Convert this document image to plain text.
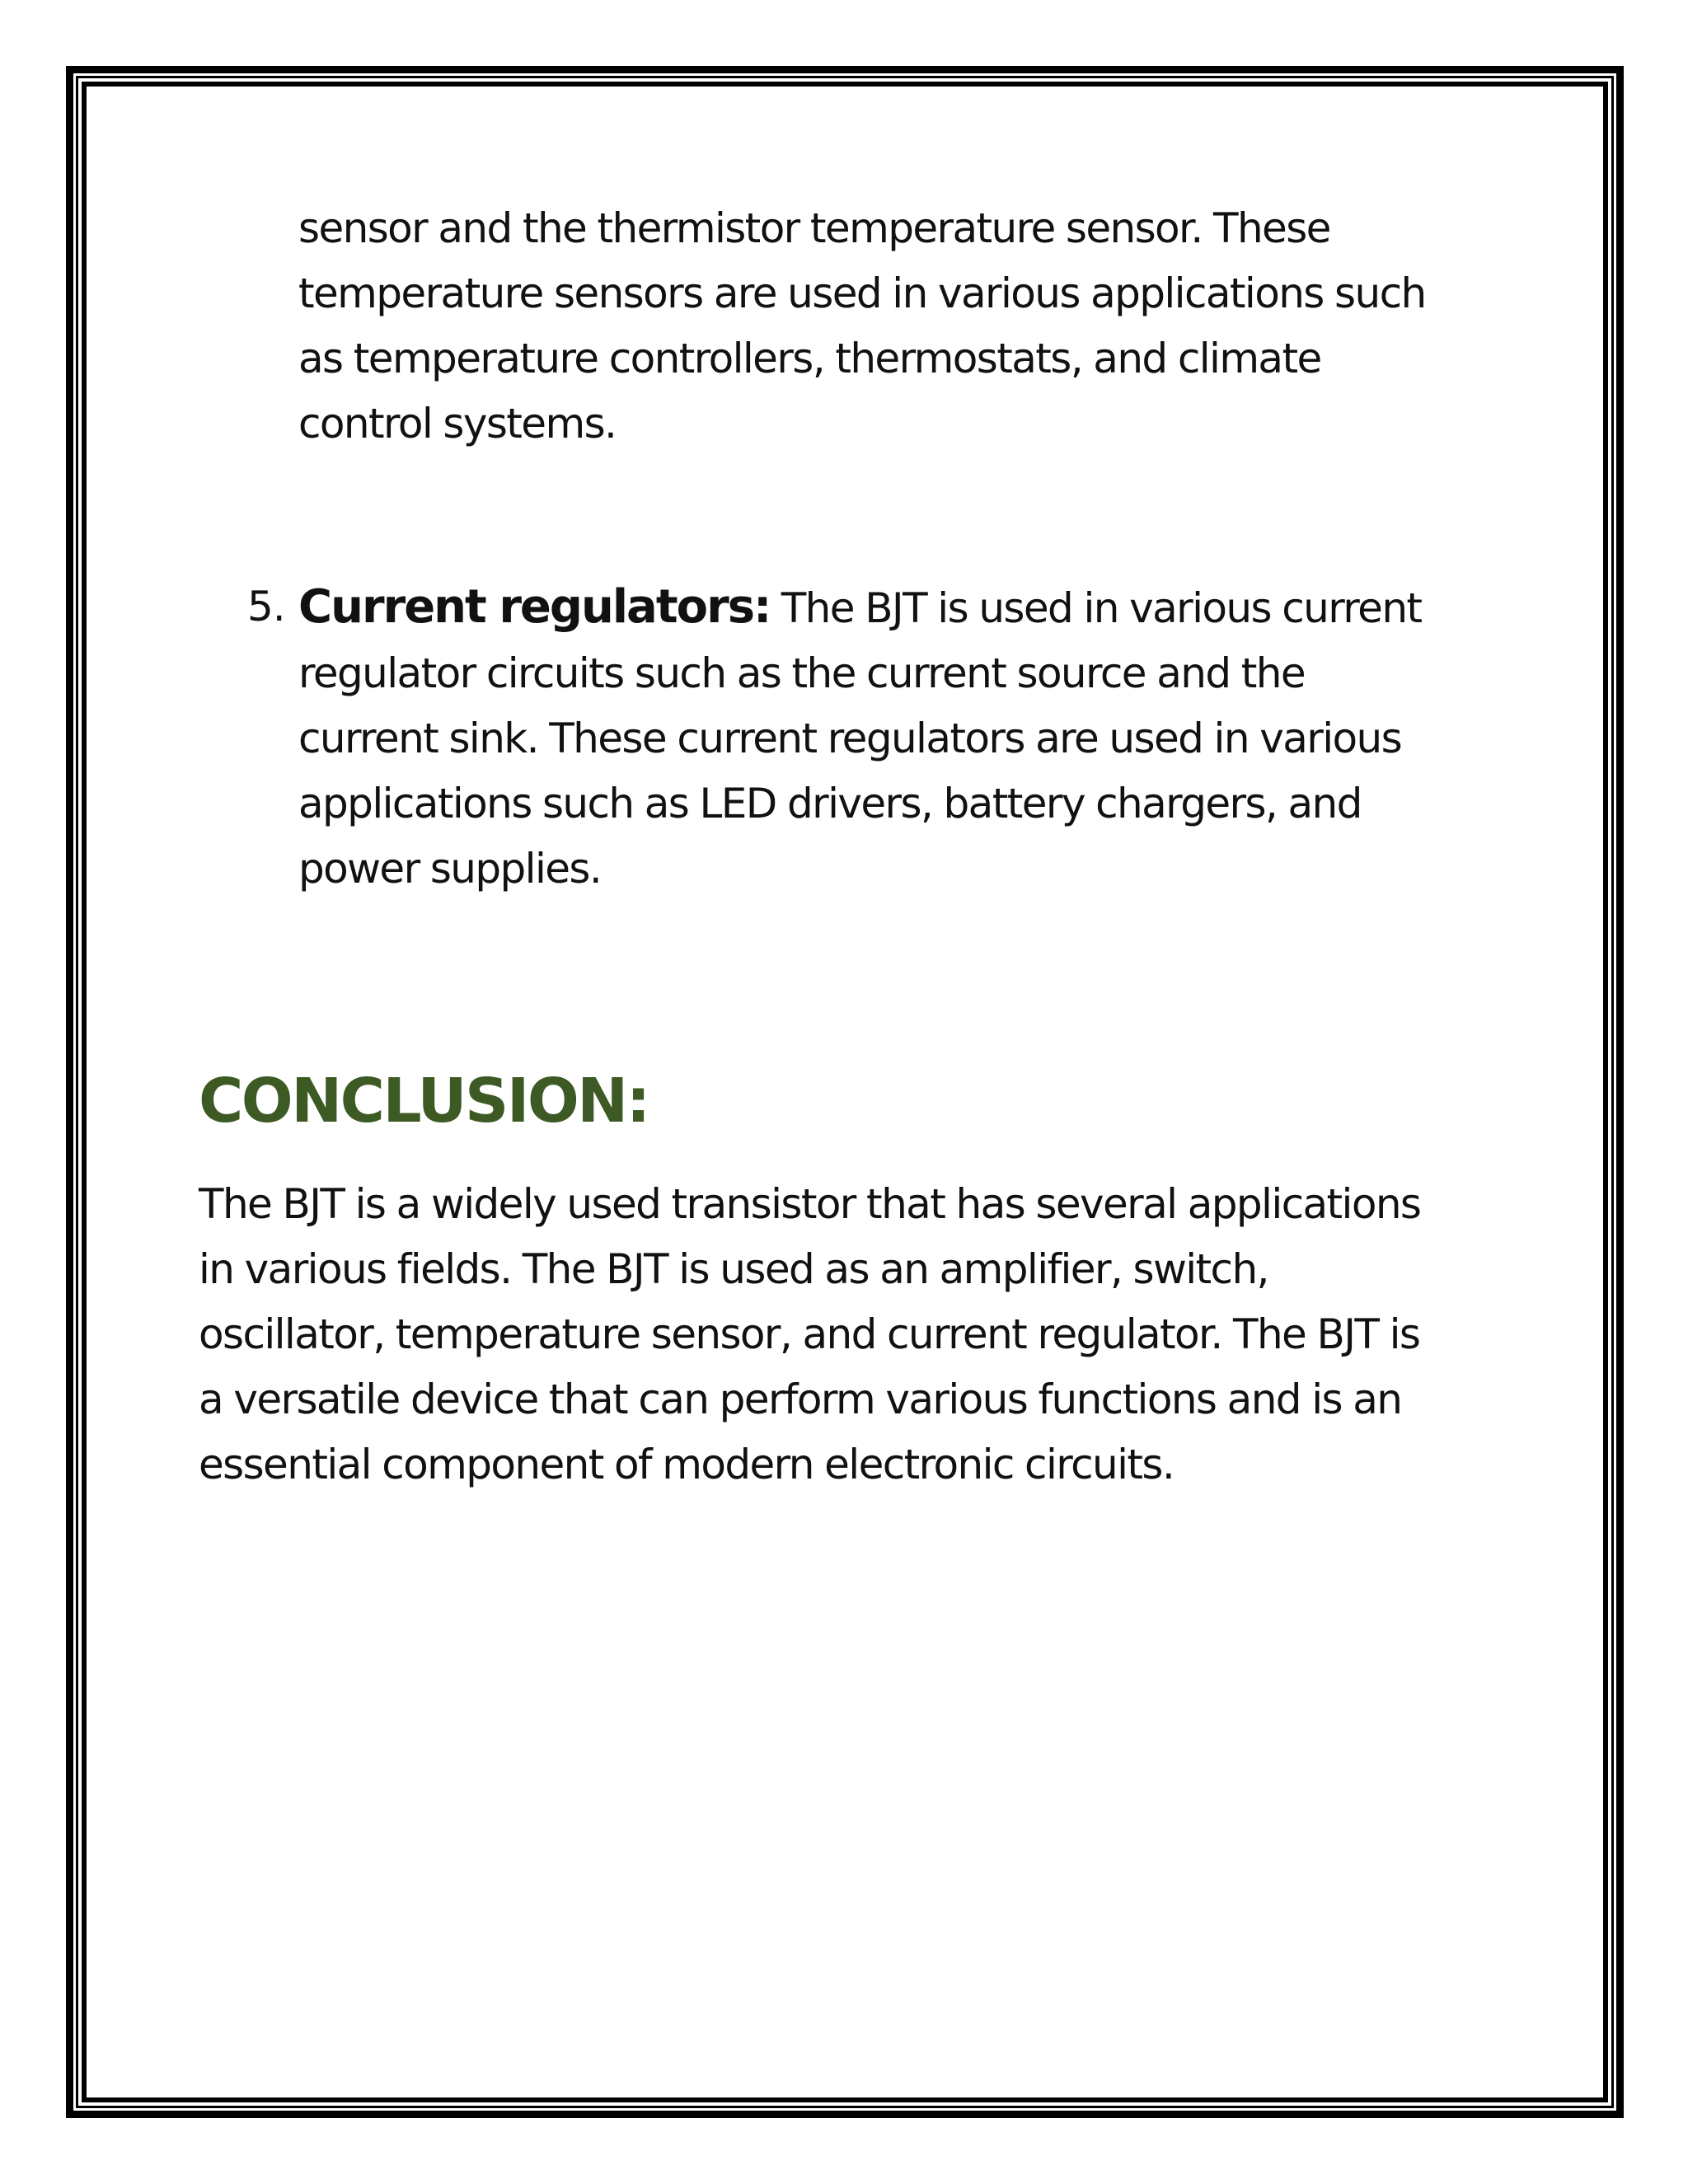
sensor and the thermistor temperature sensor. These
temperature sensors are used in various applications such
as temperature controllers, thermostats, and climate
control systems.
5. Current regulators: The BJT is used in various current
regulator circuits such as the current source and the
current sink. These current regulators are used in various
applications such as LED drivers, battery chargers, and
power supplies.
CONCLUSION:
The BJT is a widely used transistor that has several applications
in various fields. The BJT is used as an amplifier, switch,
oscillator, temperature sensor, and current regulator. The BJT is
a versatile device that can perform various functions and is an
essential component of modern electronic circuits.
